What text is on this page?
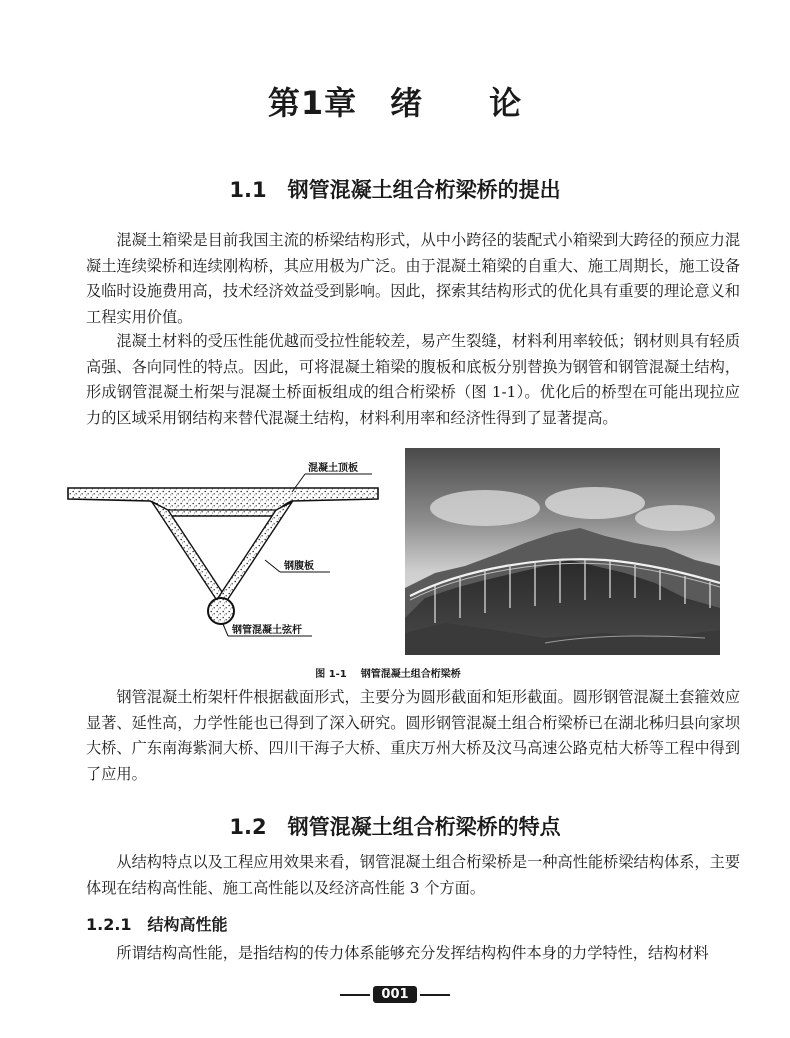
第1章　绪　　论
1.1　钢管混凝土组合桁梁桥的提出

混凝土箱梁是目前我国主流的桥梁结构形式，从中小跨径的装配式小箱梁到大跨径的预应力混凝土连续梁桥和连续刚构桥，其应用极为广泛。由于混凝土箱梁的自重大、施工周期长，施工设备及临时设施费用高，技术经济效益受到影响。因此，探索其结构形式的优化具有重要的理论意义和工程实用价值。

混凝土材料的受压性能优越而受拉性能较差，易产生裂缝，材料利用率较低；钢材则具有轻质高强、各向同性的特点。因此，可将混凝土箱梁的腹板和底板分别替换为钢管和钢管混凝土结构，形成钢管混凝土桁架与混凝土桥面板组成的组合桁梁桥（图 1-1）。优化后的桥型在可能出现拉应力的区域采用钢结构来替代混凝土结构，材料利用率和经济性得到了显著提高。

混凝土顶板
钢腹板
钢管混凝土弦杆
图 1-1 钢管混凝土组合桁梁桥

钢管混凝土桁架杆件根据截面形式，主要分为圆形截面和矩形截面。圆形钢管混凝土套箍效应显著、延性高，力学性能也已得到了深入研究。圆形钢管混凝土组合桁梁桥已在湖北秭归县向家坝大桥、广东南海紫洞大桥、四川干海子大桥、重庆万州大桥及汶马高速公路克枯大桥等工程中得到了应用。

1.2　钢管混凝土组合桁梁桥的特点

从结构特点以及工程应用效果来看，钢管混凝土组合桁梁桥是一种高性能桥梁结构体系，主要体现在结构高性能、施工高性能以及经济高性能 3 个方面。

1.2.1　结构高性能

所谓结构高性能，是指结构的传力体系能够充分发挥结构构件本身的力学特性，结构材料

001
